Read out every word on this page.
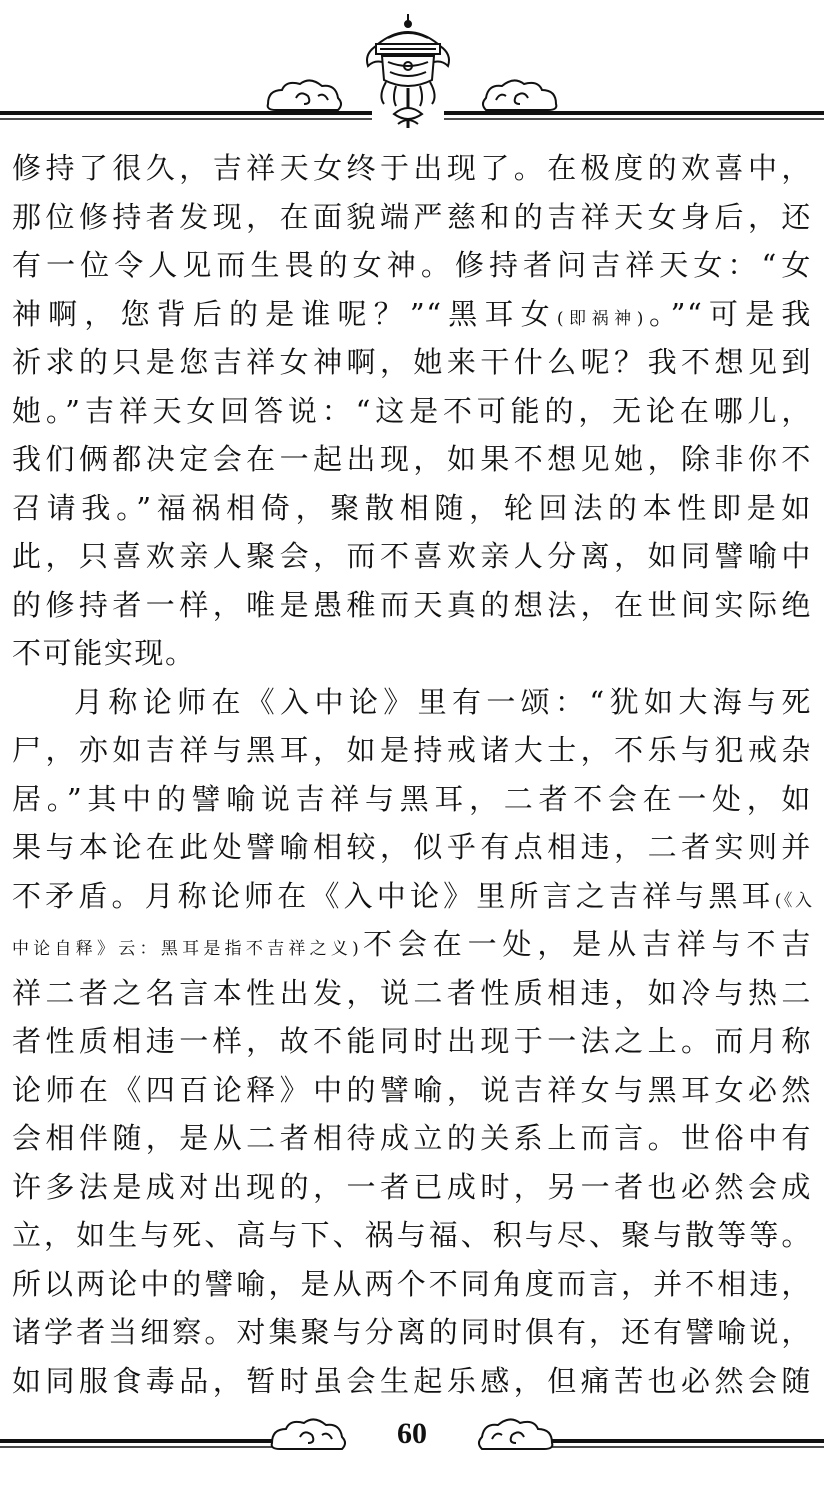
修持了很久，吉祥天女终于出现了。在极度的欢喜中，
那位修持者发现，在面貌端严慈和的吉祥天女身后，还
有一位令人见而生畏的女神。修持者问吉祥天女：“女
神啊，您背后的是谁呢？”“黑耳女(即祸神)。”“可是我
祈求的只是您吉祥女神啊，她来干什么呢？我不想见到
她。”吉祥天女回答说：“这是不可能的，无论在哪儿，
我们俩都决定会在一起出现，如果不想见她，除非你不
召请我。”福祸相倚，聚散相随，轮回法的本性即是如
此，只喜欢亲人聚会，而不喜欢亲人分离，如同譬喻中
的修持者一样，唯是愚稚而天真的想法，在世间实际绝
不可能实现。
月称论师在《入中论》里有一颂：“犹如大海与死
尸，亦如吉祥与黑耳，如是持戒诸大士，不乐与犯戒杂
居。”其中的譬喻说吉祥与黑耳，二者不会在一处，如
果与本论在此处譬喻相较，似乎有点相违，二者实则并
不矛盾。月称论师在《入中论》里所言之吉祥与黑耳(《入
中论自释》云：黑耳是指不吉祥之义)不会在一处，是从吉祥与不吉
祥二者之名言本性出发，说二者性质相违，如冷与热二
者性质相违一样，故不能同时出现于一法之上。而月称
论师在《四百论释》中的譬喻，说吉祥女与黑耳女必然
会相伴随，是从二者相待成立的关系上而言。世俗中有
许多法是成对出现的，一者已成时，另一者也必然会成
立，如生与死、高与下、祸与福、积与尽、聚与散等等。
所以两论中的譬喻，是从两个不同角度而言，并不相违，
诸学者当细察。对集聚与分离的同时俱有，还有譬喻说，
如同服食毒品，暂时虽会生起乐感，但痛苦也必然会随
60
